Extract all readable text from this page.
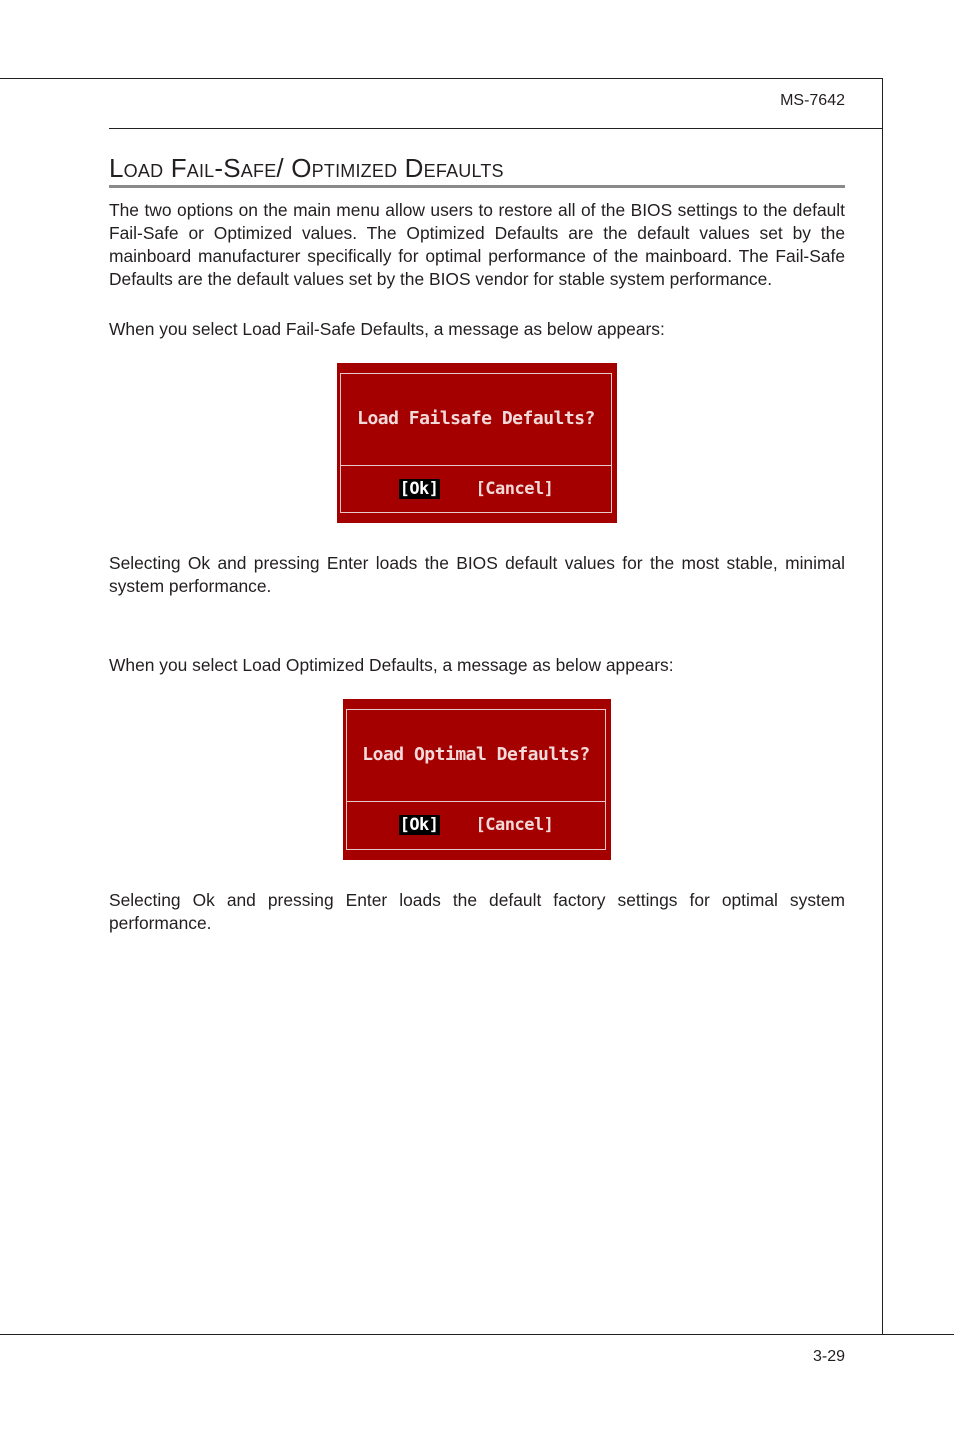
MS-7642
Load Fail-Safe/ Optimized Defaults

The two options on the main menu allow users to restore all of the BIOS settings to the default Fail-Safe or Optimized values. The Optimized Defaults are the default values set by the mainboard manufacturer specifically for optimal performance of the mainboard. The Fail-Safe Defaults are the default values set by the BIOS vendor for stable system performance.

When you select Load Fail-Safe Defaults, a message as below appears:

Load Failsafe Defaults?
[Ok] [Cancel]

Selecting Ok and pressing Enter loads the BIOS default values for the most stable, minimal system performance.

When you select Load Optimized Defaults, a message as below appears:

Load Optimal Defaults?
[Ok] [Cancel]

Selecting Ok and pressing Enter loads the default factory settings for optimal system performance.

3-29
